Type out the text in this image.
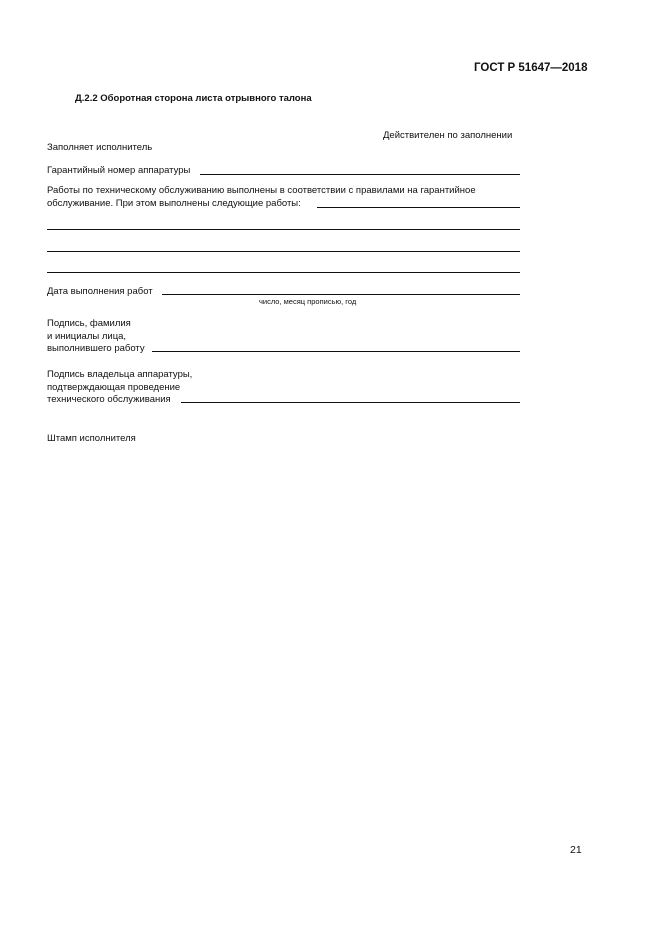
ГОСТ Р 51647—2018
Д.2.2 Оборотная сторона листа отрывного талона
Действителен по заполнении
Заполняет исполнитель
Гарантийный номер аппаратуры
Работы по техническому обслуживанию выполнены в соответствии с правилами на гарантийное
обслуживание. При этом выполнены следующие работы:
Дата выполнения работ
число, месяц прописью, год
Подпись, фамилия
и инициалы лица,
выполнившего работу
Подпись владельца аппаратуры,
подтверждающая проведение
технического обслуживания
Штамп исполнителя
21
